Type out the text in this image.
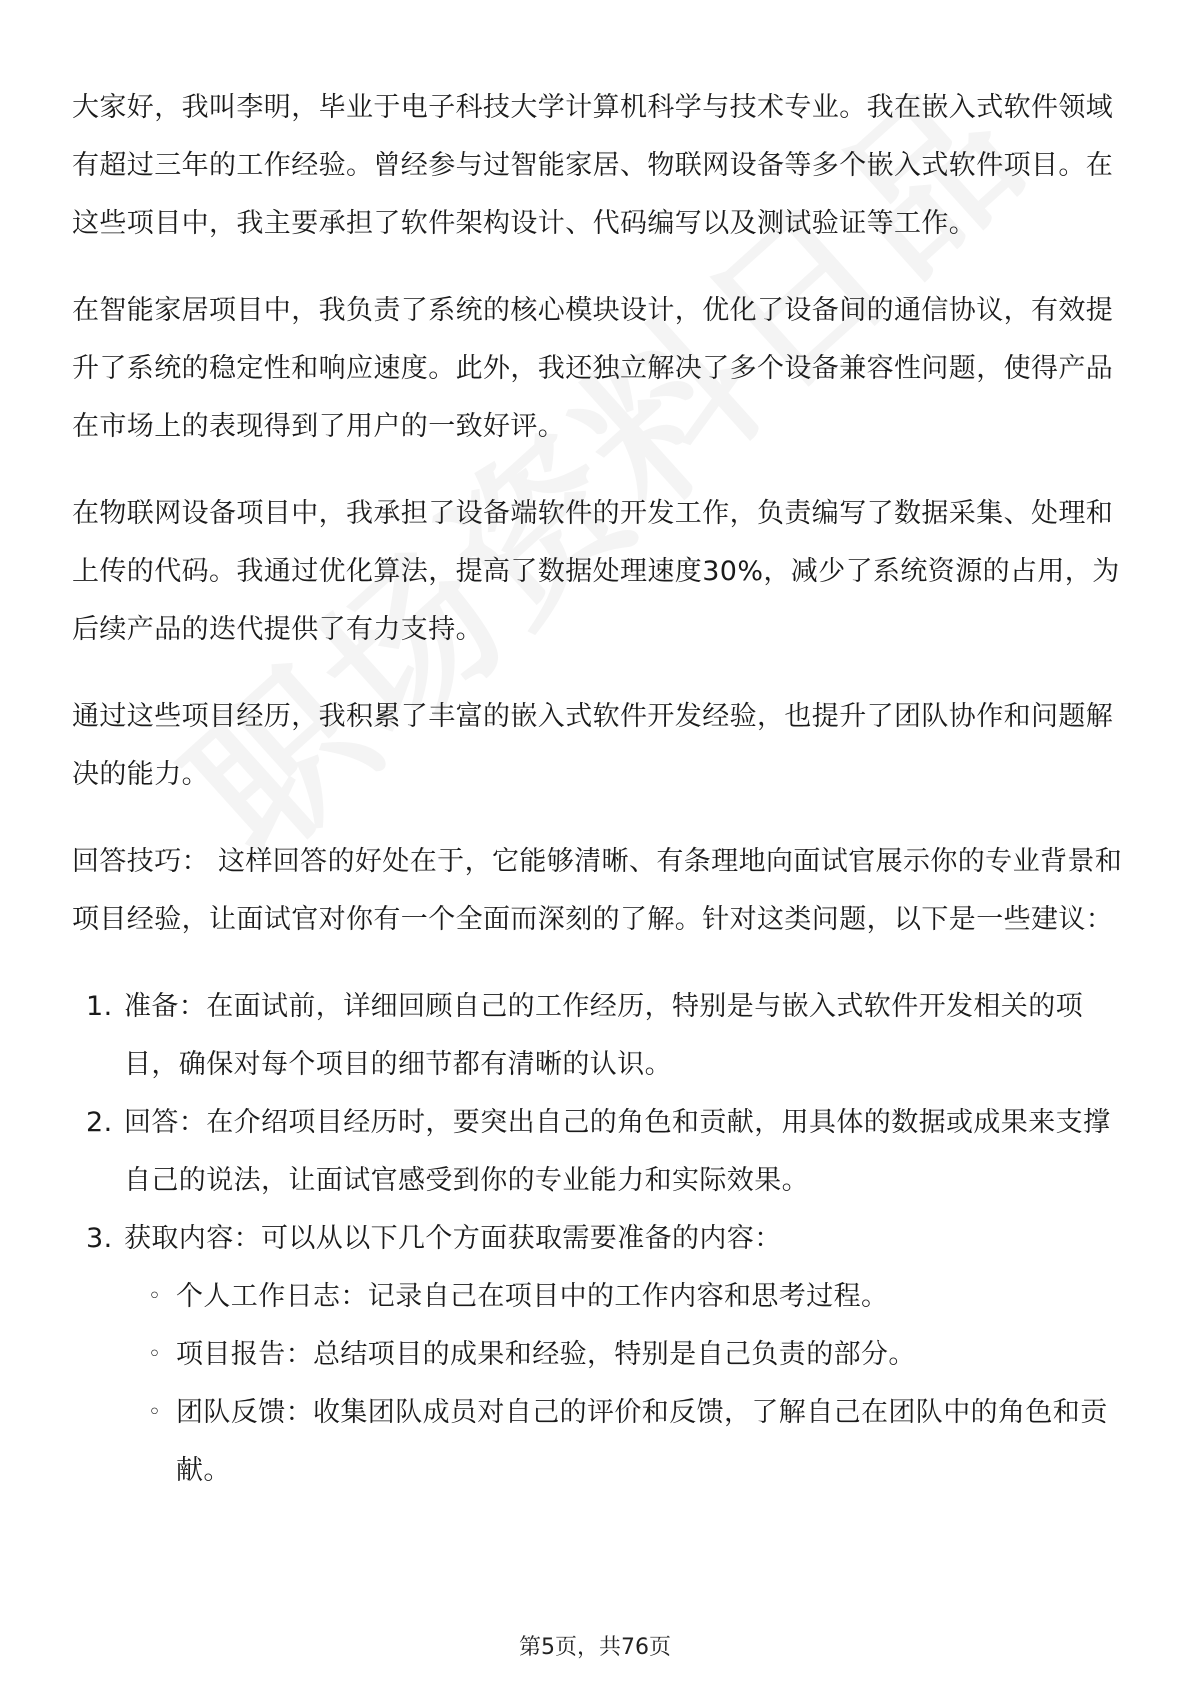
大家好，我叫李明，毕业于电子科技大学计算机科学与技术专业。我在嵌入式软件领域有超过三年的工作经验。曾经参与过智能家居、物联网设备等多个嵌入式软件项目。在这些项目中，我主要承担了软件架构设计、代码编写以及测试验证等工作。

在智能家居项目中，我负责了系统的核心模块设计，优化了设备间的通信协议，有效提升了系统的稳定性和响应速度。此外，我还独立解决了多个设备兼容性问题，使得产品在市场上的表现得到了用户的一致好评。

在物联网设备项目中，我承担了设备端软件的开发工作，负责编写了数据采集、处理和上传的代码。我通过优化算法，提高了数据处理速度30%，减少了系统资源的占用，为后续产品的迭代提供了有力支持。

通过这些项目经历，我积累了丰富的嵌入式软件开发经验，也提升了团队协作和问题解决的能力。

回答技巧： 这样回答的好处在于，它能够清晰、有条理地向面试官展示你的专业背景和项目经验，让面试官对你有一个全面而深刻的了解。针对这类问题，以下是一些建议：

1. 准备：在面试前，详细回顾自己的工作经历，特别是与嵌入式软件开发相关的项目，确保对每个项目的细节都有清晰的认识。
2. 回答：在介绍项目经历时，要突出自己的角色和贡献，用具体的数据或成果来支撑自己的说法，让面试官感受到你的专业能力和实际效果。
3. 获取内容：可以从以下几个方面获取需要准备的内容：
◦ 个人工作日志：记录自己在项目中的工作内容和思考过程。
◦ 项目报告：总结项目的成果和经验，特别是自己负责的部分。
◦ 团队反馈：收集团队成员对自己的评价和反馈，了解自己在团队中的角色和贡献。
第5页，共76页
